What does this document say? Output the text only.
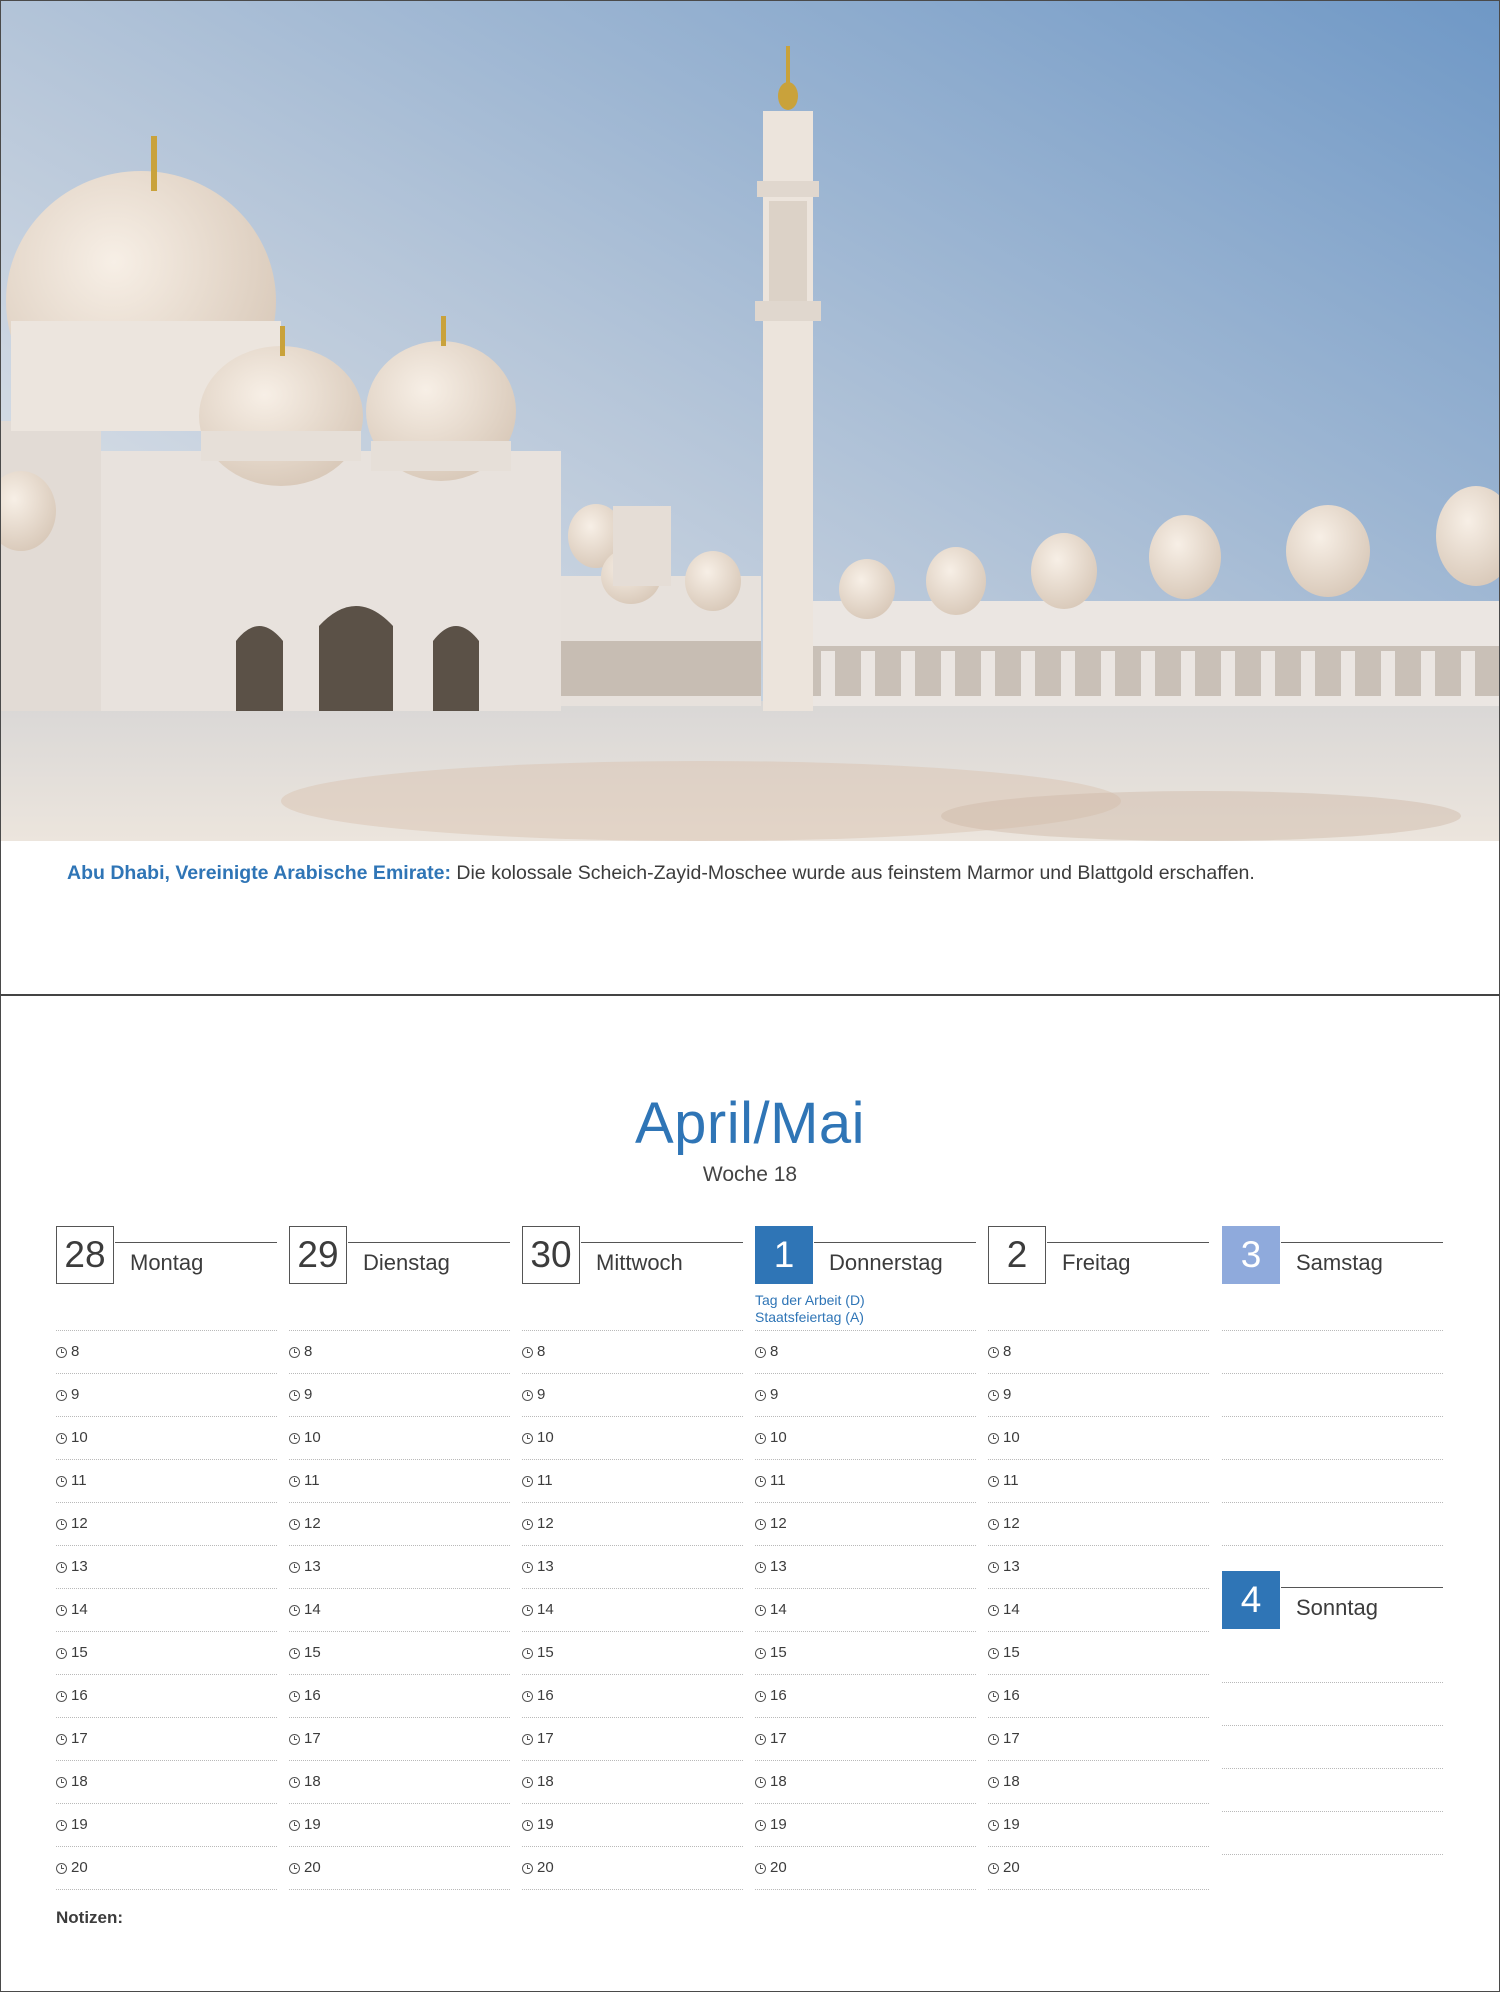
Abu Dhabi, Vereinigte Arabische Emirate: Die kolossale Scheich-Zayid-Moschee wurde aus feinstem Marmor und Blattgold erschaffen.
April/Mai
Woche 18
28	Montag
8
9
10
11
12
13
14
15
16
17
18
19
20
29	Dienstag
8
9
10
11
12
13
14
15
16
17
18
19
20
30	Mittwoch
8
9
10
11
12
13
14
15
16
17
18
19
20
1	Donnerstag
Tag der Arbeit (D)
Staatsfeiertag (A)
8
9
10
11
12
13
14
15
16
17
18
19
20
2	Freitag
8
9
10
11
12
13
14
15
16
17
18
19
20
3	Samstag
4	Sonntag
Notizen:
